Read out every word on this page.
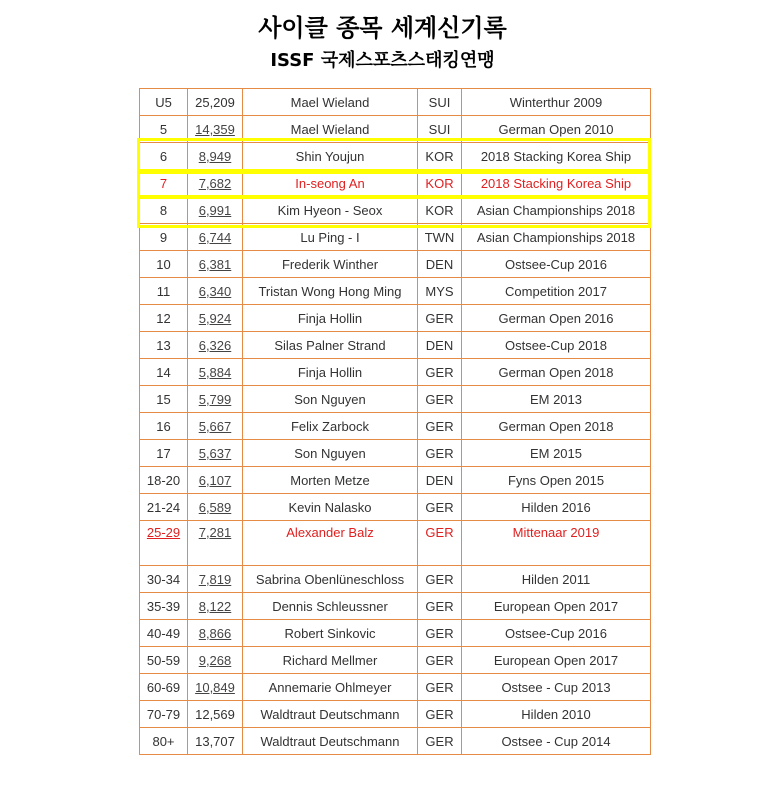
사이클 종목 세계신기록
ISSF 국제스포츠스태킹연맹
U5	25,209	Mael Wieland	SUI	Winterthur 2009
5	14,359	Mael Wieland	SUI	German Open 2010
6	8,949	Shin Youjun	KOR	2018 Stacking Korea Ship
7	7,682	In-seong An	KOR	2018 Stacking Korea Ship
8	6,991	Kim Hyeon - Seox	KOR	Asian Championships 2018
9	6,744	Lu Ping - I	TWN	Asian Championships 2018
10	6,381	Frederik Winther	DEN	Ostsee-Cup 2016
11	6,340	Tristan Wong Hong Ming	MYS	Competition 2017
12	5,924	Finja Hollin	GER	German Open 2016
13	6,326	Silas Palner Strand	DEN	Ostsee-Cup 2018
14	5,884	Finja Hollin	GER	German Open 2018
15	5,799	Son Nguyen	GER	EM 2013
16	5,667	Felix Zarbock	GER	German Open 2018
17	5,637	Son Nguyen	GER	EM 2015
18-20	6,107	Morten Metze	DEN	Fyns Open 2015
21-24	6,589	Kevin Nalasko	GER	Hilden 2016
25-29	7,281	Alexander Balz	GER	Mittenaar 2019
30-34	7,819	Sabrina Obenlüneschloss	GER	Hilden 2011
35-39	8,122	Dennis Schleussner	GER	European Open 2017
40-49	8,866	Robert Sinkovic	GER	Ostsee-Cup 2016
50-59	9,268	Richard Mellmer	GER	European Open 2017
60-69	10,849	Annemarie Ohlmeyer	GER	Ostsee - Cup 2013
70-79	12,569	Waldtraut Deutschmann	GER	Hilden 2010
80+	13,707	Waldtraut Deutschmann	GER	Ostsee - Cup 2014
